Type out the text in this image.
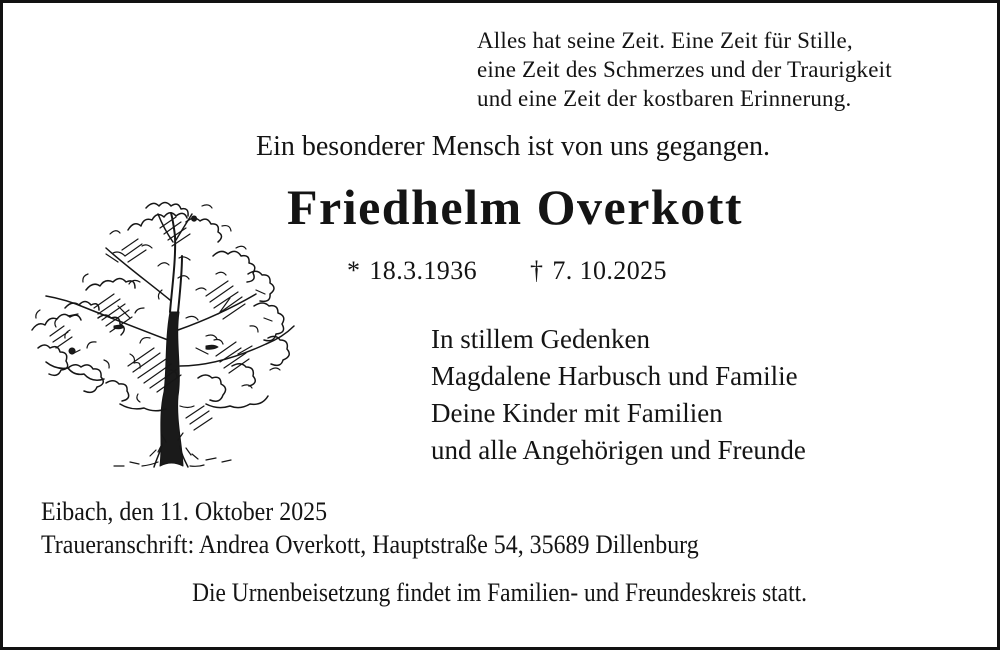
Alles hat seine Zeit. Eine Zeit für Stille,
eine Zeit des Schmerzes und der Traurigkeit
und eine Zeit der kostbaren Erinnerung.
Ein besonderer Mensch ist von uns gegangen.
Friedhelm Overkott
* 18.3.1936 † 7. 10.2025
In stillem Gedenken
Magdalene Harbusch und Familie
Deine Kinder mit Familien
und alle Angehörigen und Freunde
Eibach, den 11. Oktober 2025
Traueranschrift: Andrea Overkott, Hauptstraße 54, 35689 Dillenburg
Die Urnenbeisetzung findet im Familien- und Freundeskreis statt.
